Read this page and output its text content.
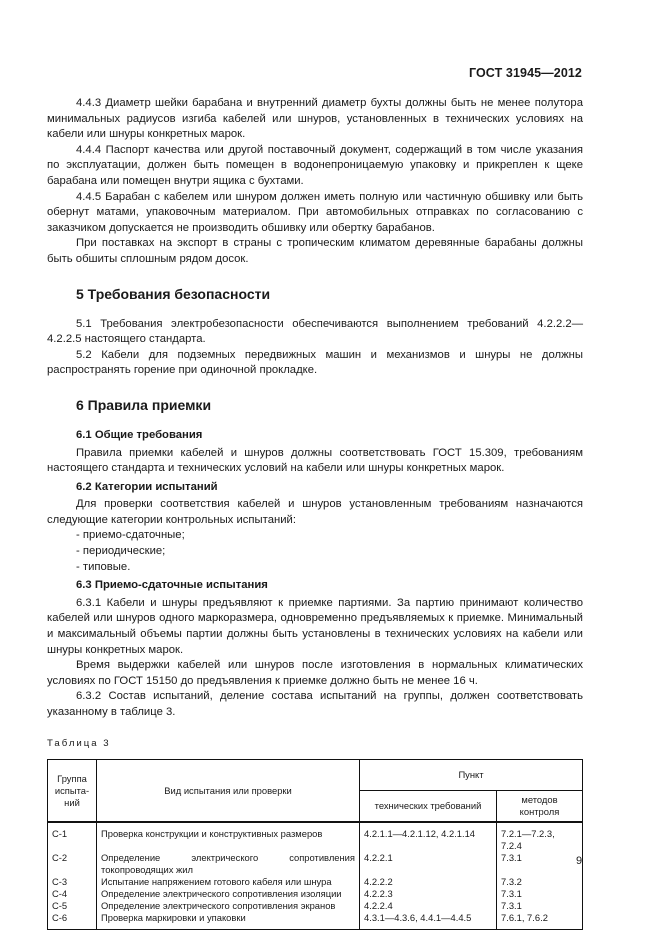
ГОСТ 31945—2012

4.4.3 Диаметр шейки барабана и внутренний диаметр бухты должны быть не менее полутора минимальных радиусов изгиба кабелей или шнуров, установленных в технических условиях на кабели или шнуры конкретных марок.

4.4.4 Паспорт качества или другой поставочный документ, содержащий в том числе указания по эксплуатации, должен быть помещен в водонепроницаемую упаковку и прикреплен к щеке барабана или помещен внутри ящика с бухтами.

4.4.5 Барабан с кабелем или шнуром должен иметь полную или частичную обшивку или быть обернут матами, упаковочным материалом. При автомобильных отправках по согласованию с заказчиком допускается не производить обшивку или обертку барабанов.

При поставках на экспорт в страны с тропическим климатом деревянные барабаны должны быть обшиты сплошным рядом досок.

5 Требования безопасности

5.1 Требования электробезопасности обеспечиваются выполнением требований 4.2.2.2—4.2.2.5 настоящего стандарта.

5.2 Кабели для подземных передвижных машин и механизмов и шнуры не должны распространять горение при одиночной прокладке.

6 Правила приемки
6.1 Общие требования

Правила приемки кабелей и шнуров должны соответствовать ГОСТ 15.309, требованиям настоящего стандарта и технических условий на кабели или шнуры конкретных марок.

6.2 Категории испытаний

Для проверки соответствия кабелей и шнуров установленным требованиям назначаются следующие категории контрольных испытаний:

- приемо-сдаточные;
- периодические;
- типовые.
6.3 Приемо-сдаточные испытания

6.3.1 Кабели и шнуры предъявляют к приемке партиями. За партию принимают количество кабелей или шнуров одного маркоразмера, одновременно предъявляемых к приемке. Минимальный и максимальный объемы партии должны быть установлены в технических условиях на кабели или шнуры конкретных марок.

Время выдержки кабелей или шнуров после изготовления в нормальных климатических условиях по ГОСТ 15150 до предъявления к приемке должно быть не менее 16 ч.

6.3.2 Состав испытаний, деление состава испытаний на группы, должен соответствовать указанному в таблице 3.

Таблица 3
Группа испыта-ний	Вид испытания или проверки	Пункт	
		технических требований	методов контроля
С-1	Проверка конструкции и конструктивных размеров	4.2.1.1—4.2.1.12, 4.2.1.14	7.2.1—7.2.3, 7.2.4
С-2	Определение электрического сопротивления токопроводящих жил	4.2.2.1	7.3.1
С-3	Испытание напряжением готового кабеля или шнура	4.2.2.2	7.3.2
С-4	Определение электрического сопротивления изоляции	4.2.2.3	7.3.1
С-5	Определение электрического сопротивления экранов	4.2.2.4	7.3.1
С-6	Проверка маркировки и упаковки	4.3.1—4.3.6, 4.4.1—4.4.5	7.6.1, 7.6.2
9
